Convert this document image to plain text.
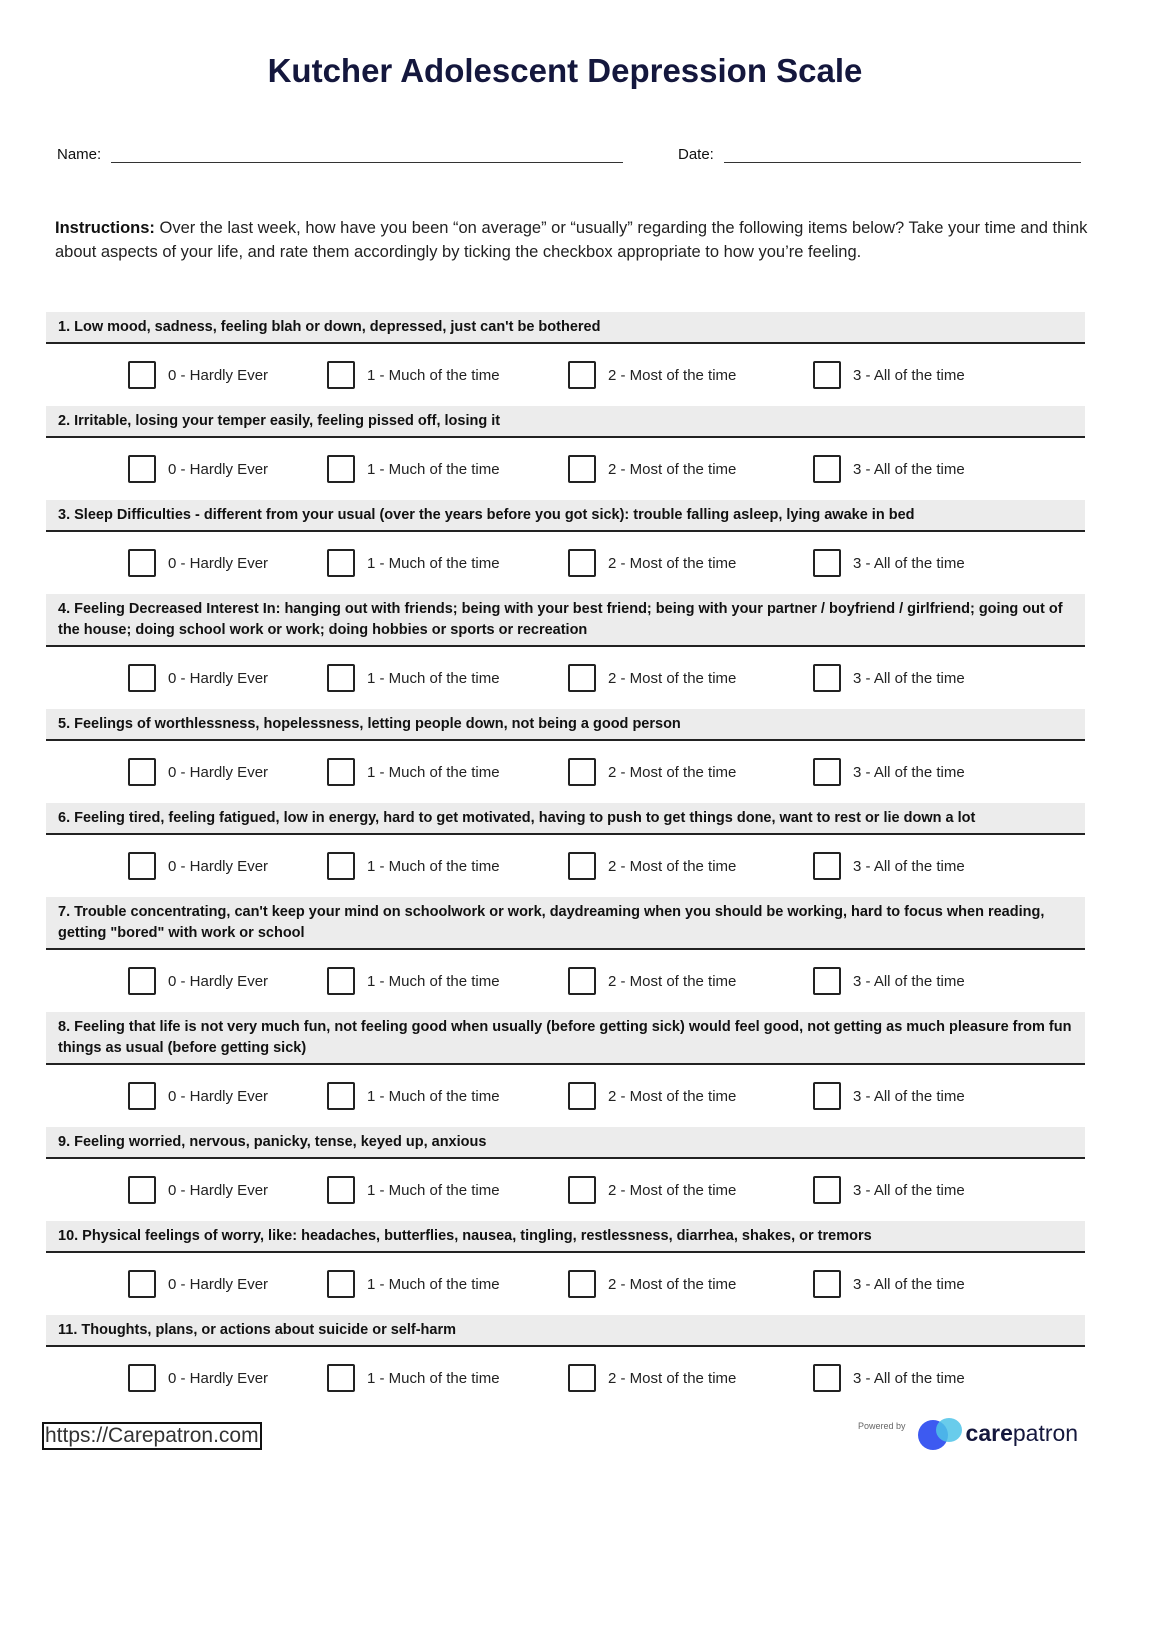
Kutcher Adolescent Depression Scale
Name:	Date:
Instructions: Over the last week, how have you been “on average” or “usually” regarding the following items below? Take your time and think about aspects of your life, and rate them accordingly by ticking the checkbox appropriate to how you’re feeling.
1. Low mood, sadness, feeling blah or down, depressed, just can't be bothered
0 - Hardly Ever	1 - Much of the time	2 - Most of the time	3 - All of the time
2. Irritable, losing your temper easily, feeling pissed off, losing it
0 - Hardly Ever	1 - Much of the time	2 - Most of the time	3 - All of the time
3. Sleep Difficulties - different from your usual (over the years before you got sick): trouble falling asleep, lying awake in bed
0 - Hardly Ever	1 - Much of the time	2 - Most of the time	3 - All of the time
4. Feeling Decreased Interest In: hanging out with friends; being with your best friend; being with your partner / boyfriend / girlfriend; going out of the house; doing school work or work; doing hobbies or sports or recreation
0 - Hardly Ever	1 - Much of the time	2 - Most of the time	3 - All of the time
5. Feelings of worthlessness, hopelessness, letting people down, not being a good person
0 - Hardly Ever	1 - Much of the time	2 - Most of the time	3 - All of the time
6. Feeling tired, feeling fatigued, low in energy, hard to get motivated, having to push to get things done, want to rest or lie down a lot
0 - Hardly Ever	1 - Much of the time	2 - Most of the time	3 - All of the time
7. Trouble concentrating, can't keep your mind on schoolwork or work, daydreaming when you should be working, hard to focus when reading, getting "bored" with work or school
0 - Hardly Ever	1 - Much of the time	2 - Most of the time	3 - All of the time
8. Feeling that life is not very much fun, not feeling good when usually (before getting sick) would feel good, not getting as much pleasure from fun things as usual (before getting sick)
0 - Hardly Ever	1 - Much of the time	2 - Most of the time	3 - All of the time
9. Feeling worried, nervous, panicky, tense, keyed up, anxious
0 - Hardly Ever	1 - Much of the time	2 - Most of the time	3 - All of the time
10. Physical feelings of worry, like: headaches, butterflies, nausea, tingling, restlessness, diarrhea, shakes, or tremors
0 - Hardly Ever	1 - Much of the time	2 - Most of the time	3 - All of the time
11. Thoughts, plans, or actions about suicide or self-harm
0 - Hardly Ever	1 - Much of the time	2 - Most of the time	3 - All of the time
https://Carepatron.com	Powered by	carepatron
